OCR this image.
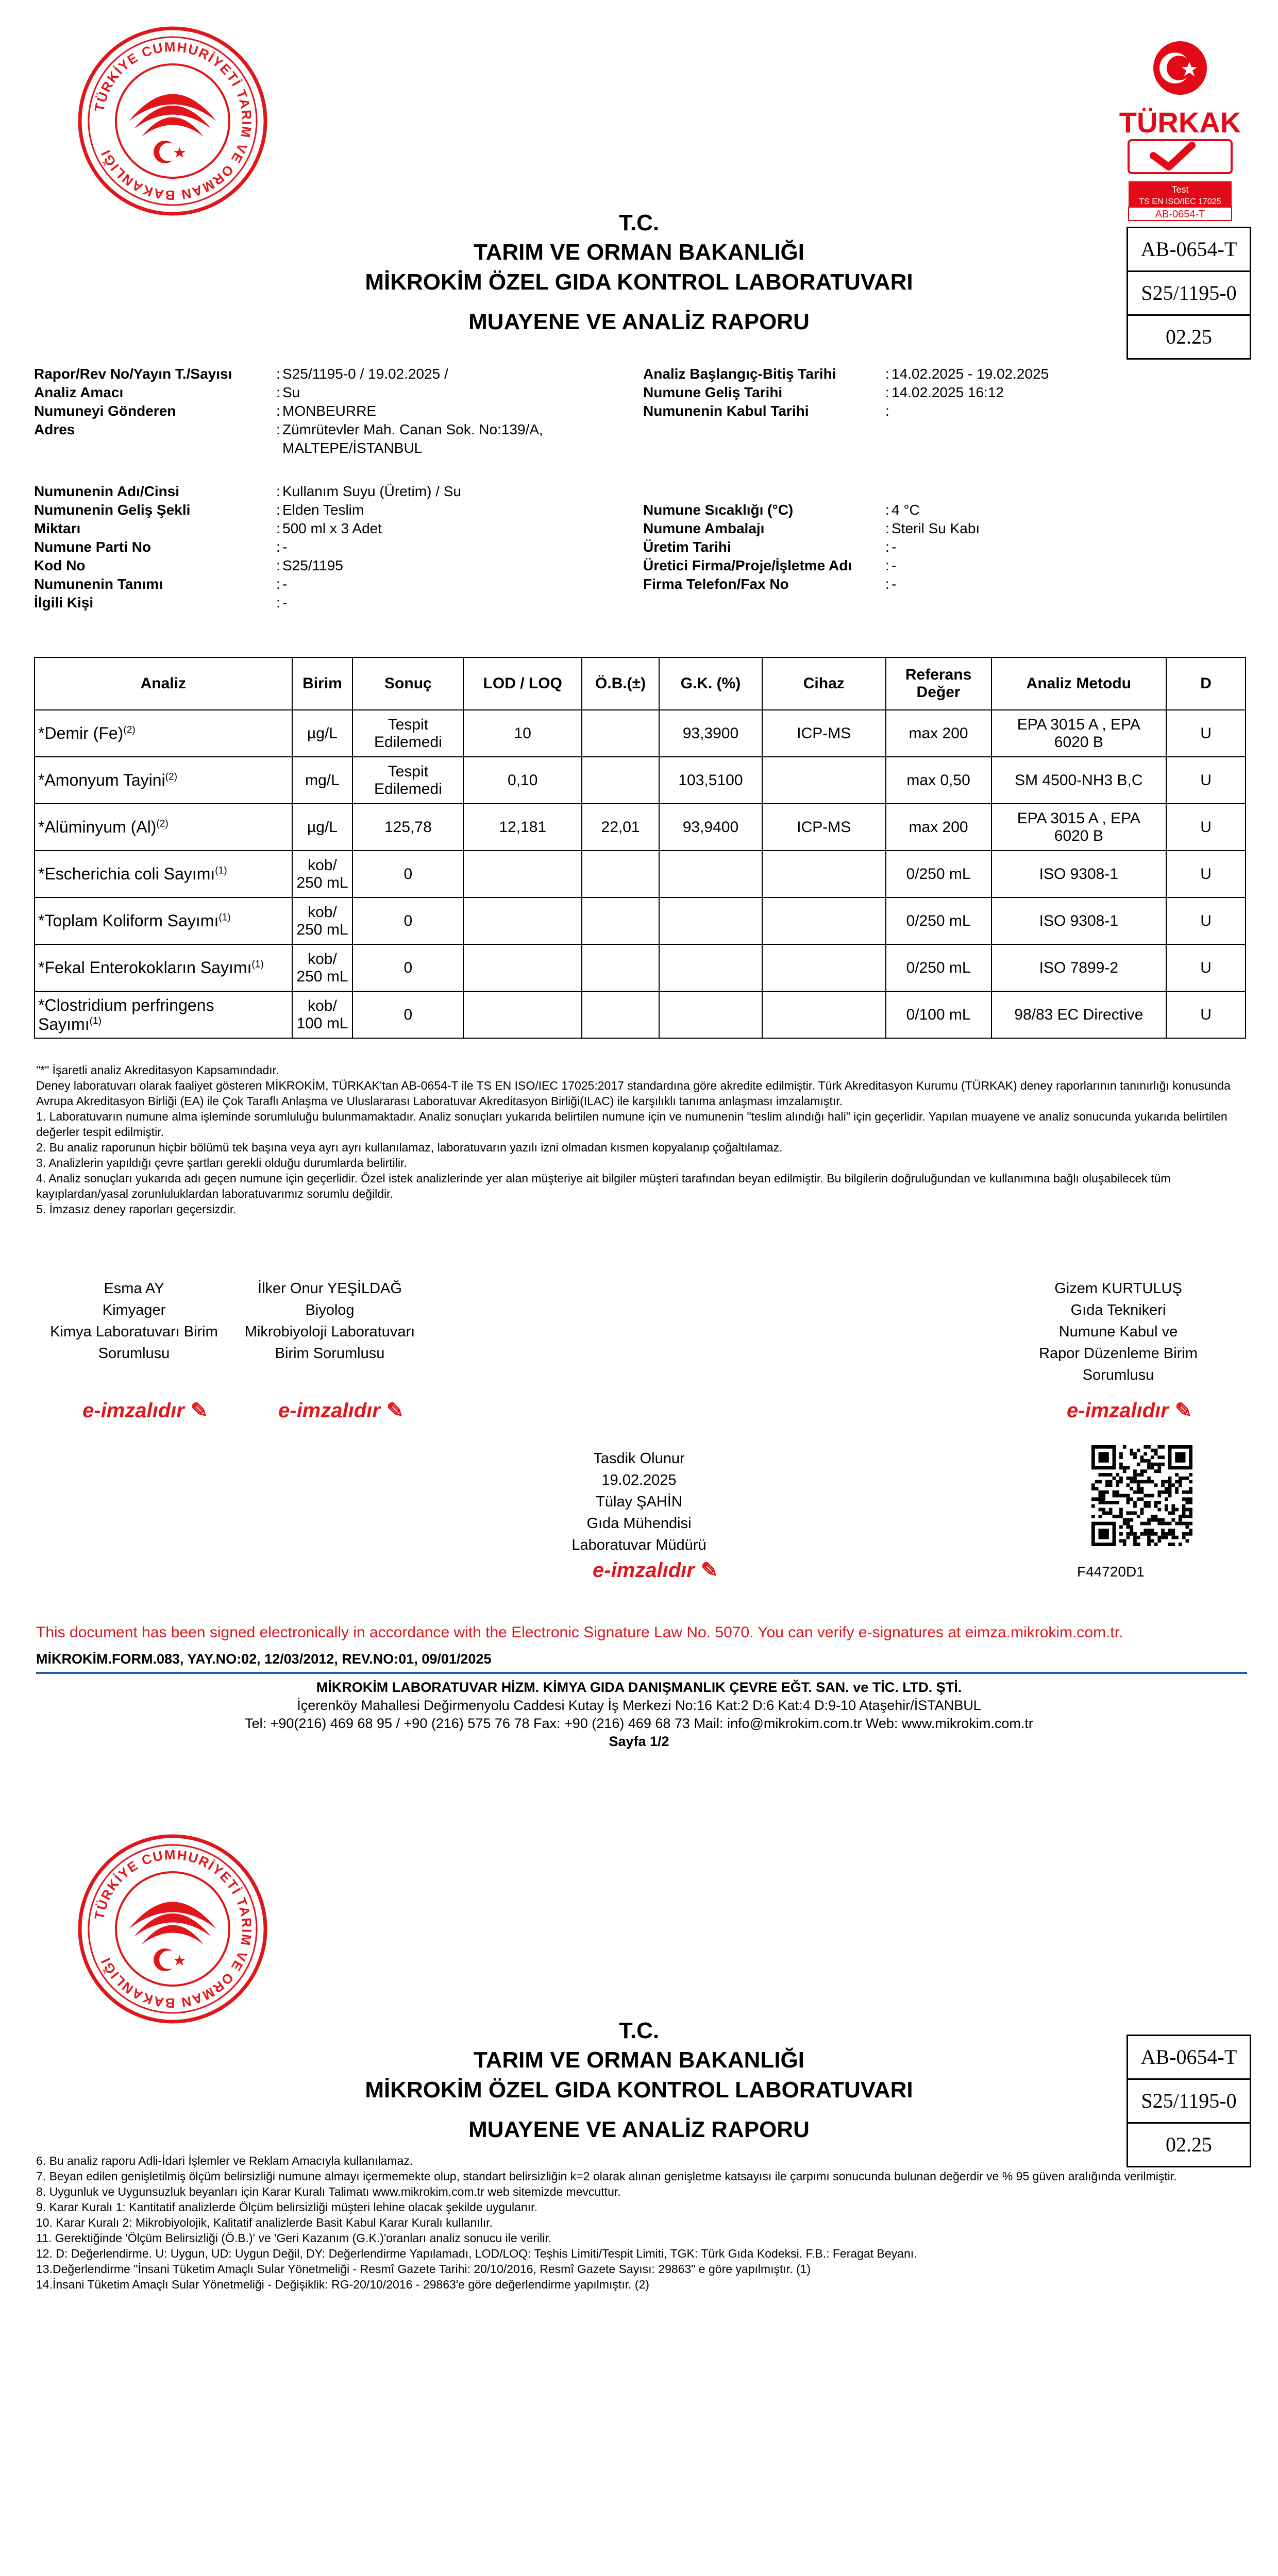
TÜRKİYE CUMHURİYETİ TARIM VE ORMAN BAKANLIĞI
TÜRKAK
Test
TS EN ISO/IEC 17025
AB-0654-T
T.C.
TARIM VE ORMAN BAKANLIĞI
MİKROKİM ÖZEL GIDA KONTROL LABORATUVARI
MUAYENE VE ANALİZ RAPORU
AB-0654-T
S25/1195-0
02.25
Rapor/Rev No/Yayın T./Sayısı	: S25/1195-0 / 19.02.2025 /
Analiz Amacı	: Su
Numuneyi Gönderen	: MONBEURRE
Adres	: Zümrütevler Mah. Canan Sok. No:139/A,
MALTEPE/İSTANBUL
Numunenin Adı/Cinsi	: Kullanım Suyu (Üretim) / Su
Numunenin Geliş Şekli	: Elden Teslim
Miktarı	: 500 ml x 3 Adet
Numune Parti No	: -
Kod No	: S25/1195
Numunenin Tanımı	: -
İlgili Kişi	: -
Analiz Başlangıç-Bitiş Tarihi	: 14.02.2025 - 19.02.2025
Numune Geliş Tarihi	: 14.02.2025 16:12
Numunenin Kabul Tarihi	:
Numune Sıcaklığı (°C)	: 4 °C
Numune Ambalajı	: Steril Su Kabı
Üretim Tarihi	: -
Üretici Firma/Proje/İşletme Adı : -
Firma Telefon/Fax No	: -
Analiz	Birim	Sonuç	LOD / LOQ	Ö.B.(±)	G.K. (%)	Cihaz	Referans
Değer	Analiz Metodu	D
*Demir $(Fe)^{(2)}$	µg/L	Tespit
Edilemedi	10		93,3900	ICP-MS	max 200	EPA 3015 A , EPA
6020 B	U
*Amonyum Tayini$^{(2)}$	mg/L	Tespit
Edilemedi	0,10		103,5100		max 0,50	SM 4500-NH3 B,C	U
*Alüminyum $(Al)^{(2)}$	µg/L	125,78	12,181	22,01	93,9400	ICP-MS	max 200	EPA 3015 A , EPA
6020 B	U
*Escherichia coli Sayımı$^{(1)}$	kob/
250 mL	0					0/250 mL	ISO 9308-1	U
*Toplam Koliform Sayımı$^{(1)}$	kob/
250 mL	0					0/250 mL	ISO 9308-1	U
*Fekal Enterokokların Sayımı$^{(1)}$	kob/
250 mL	0					0/250 mL	ISO 7899-2	U
*Clostridium perfringens
Sayımı$^{(1)}$	kob/
100 mL	0					0/100 mL	98/83 EC Directive	U
"*" İşaretli analiz Akreditasyon Kapsamındadır.
Deney laboratuvarı olarak faaliyet gösteren MİKROKİM, TÜRKAK'tan AB-0654-T ile TS EN ISO/IEC 17025:2017 standardına göre akredite edilmiştir. Türk Akreditasyon Kurumu (TÜRKAK) deney raporlarının tanınırlığı konusunda Avrupa Akreditasyon Birliği (EA) ile Çok Taraflı Anlaşma ve Uluslararası Laboratuvar Akreditasyon Birliği(ILAC) ile karşılıklı tanıma anlaşması imzalamıştır.
1. Laboratuvarın numune alma işleminde sorumluluğu bulunmamaktadır. Analiz sonuçları yukarıda belirtilen numune için ve numunenin "teslim alındığı hali" için geçerlidir. Yapılan muayene ve analiz sonucunda yukarıda belirtilen değerler tespit edilmiştir.
2. Bu analiz raporunun hiçbir bölümü tek başına veya ayrı ayrı kullanılamaz, laboratuvarın yazılı izni olmadan kısmen kopyalanıp çoğaltılamaz.
3. Analizlerin yapıldığı çevre şartları gerekli olduğu durumlarda belirtilir.
4. Analiz sonuçları yukarıda adı geçen numune için geçerlidir. Özel istek analizlerinde yer alan müşteriye ait bilgiler müşteri tarafından beyan edilmiştir. Bu bilgilerin doğruluğundan ve kullanımına bağlı oluşabilecek tüm kayıplardan/yasal zorunluluklardan laboratuvarımız sorumlu değildir.
5. İmzasız deney raporları geçersizdir.
Esma AY
Kimyager
Kimya Laboratuvarı Birim
Sorumlusu
e-imzalıdır ✎
İlker Onur YEŞİLDAĞ
Biyolog
Mikrobiyoloji Laboratuvarı
Birim Sorumlusu
e-imzalıdır ✎
Gizem KURTULUŞ
Gıda Teknikeri
Numune Kabul ve
Rapor Düzenleme Birim
Sorumlusu
e-imzalıdır ✎
Tasdik Olunur
19.02.2025
Tülay ŞAHİN
Gıda Mühendisi
Laboratuvar Müdürü
e-imzalıdır ✎	F44720D1
This document has been signed electronically in accordance with the Electronic Signature Law No. 5070. You can verify e-signatures at eimza.mikrokim.com.tr.
MİKROKİM.FORM.083, YAY.NO:02, 12/03/2012, REV.NO:01, 09/01/2025
MİKROKİM LABORATUVAR HİZM. KİMYA GIDA DANIŞMANLIK ÇEVRE EĞT. SAN. ve TİC. LTD. ŞTİ.
İçerenköy Mahallesi Değirmenyolu Caddesi Kutay İş Merkezi No:16 Kat:2 D:6 Kat:4 D:9-10 Ataşehir/İSTANBUL
Tel: +90(216) 469 68 95 / +90 (216) 575 76 78 Fax: +90 (216) 469 68 73 Mail: info@mikrokim.com.tr Web: www.mikrokim.com.tr
Sayfa 1/2
TÜRKİYE CUMHURİYETİ TARIM VE ORMAN BAKANLIĞI
T.C.
TARIM VE ORMAN BAKANLIĞI
MİKROKİM ÖZEL GIDA KONTROL LABORATUVARI
MUAYENE VE ANALİZ RAPORU
AB-0654-T
S25/1195-0
02.25
6. Bu analiz raporu Adli-İdari İşlemler ve Reklam Amacıyla kullanılamaz.
7. Beyan edilen genişletilmiş ölçüm belirsizliği numune almayı içermemekte olup, standart belirsizliğin k=2 olarak alınan genişletme katsayısı ile çarpımı sonucunda bulunan değerdir ve % 95 güven aralığında verilmiştir.
8. Uygunluk ve Uygunsuzluk beyanları için Karar Kuralı Talimatı www.mikrokim.com.tr web sitemizde mevcuttur.
9. Karar Kuralı 1: Kantitatif analizlerde Ölçüm belirsizliği müşteri lehine olacak şekilde uygulanır.
10. Karar Kuralı 2: Mikrobiyolojik, Kalitatif analizlerde Basit Kabul Karar Kuralı kullanılır.
11. Gerektiğinde 'Ölçüm Belirsizliği (Ö.B.)' ve 'Geri Kazanım (G.K.)'oranları analiz sonucu ile verilir.
12. D: Değerlendirme. U: Uygun, UD: Uygun Değil, DY: Değerlendirme Yapılamadı, LOD/LOQ: Teşhis Limiti/Tespit Limiti, TGK: Türk Gıda Kodeksi. F.B.: Feragat Beyanı.
13.Değerlendirme "İnsani Tüketim Amaçlı Sular Yönetmeliği - Resmî Gazete Tarihi: 20/10/2016, Resmî Gazete Sayısı: 29863" e göre yapılmıştır. (1)
14.İnsani Tüketim Amaçlı Sular Yönetmeliği - Değişiklik: RG-20/10/2016 - 29863'e göre değerlendirme yapılmıştır. (2)
